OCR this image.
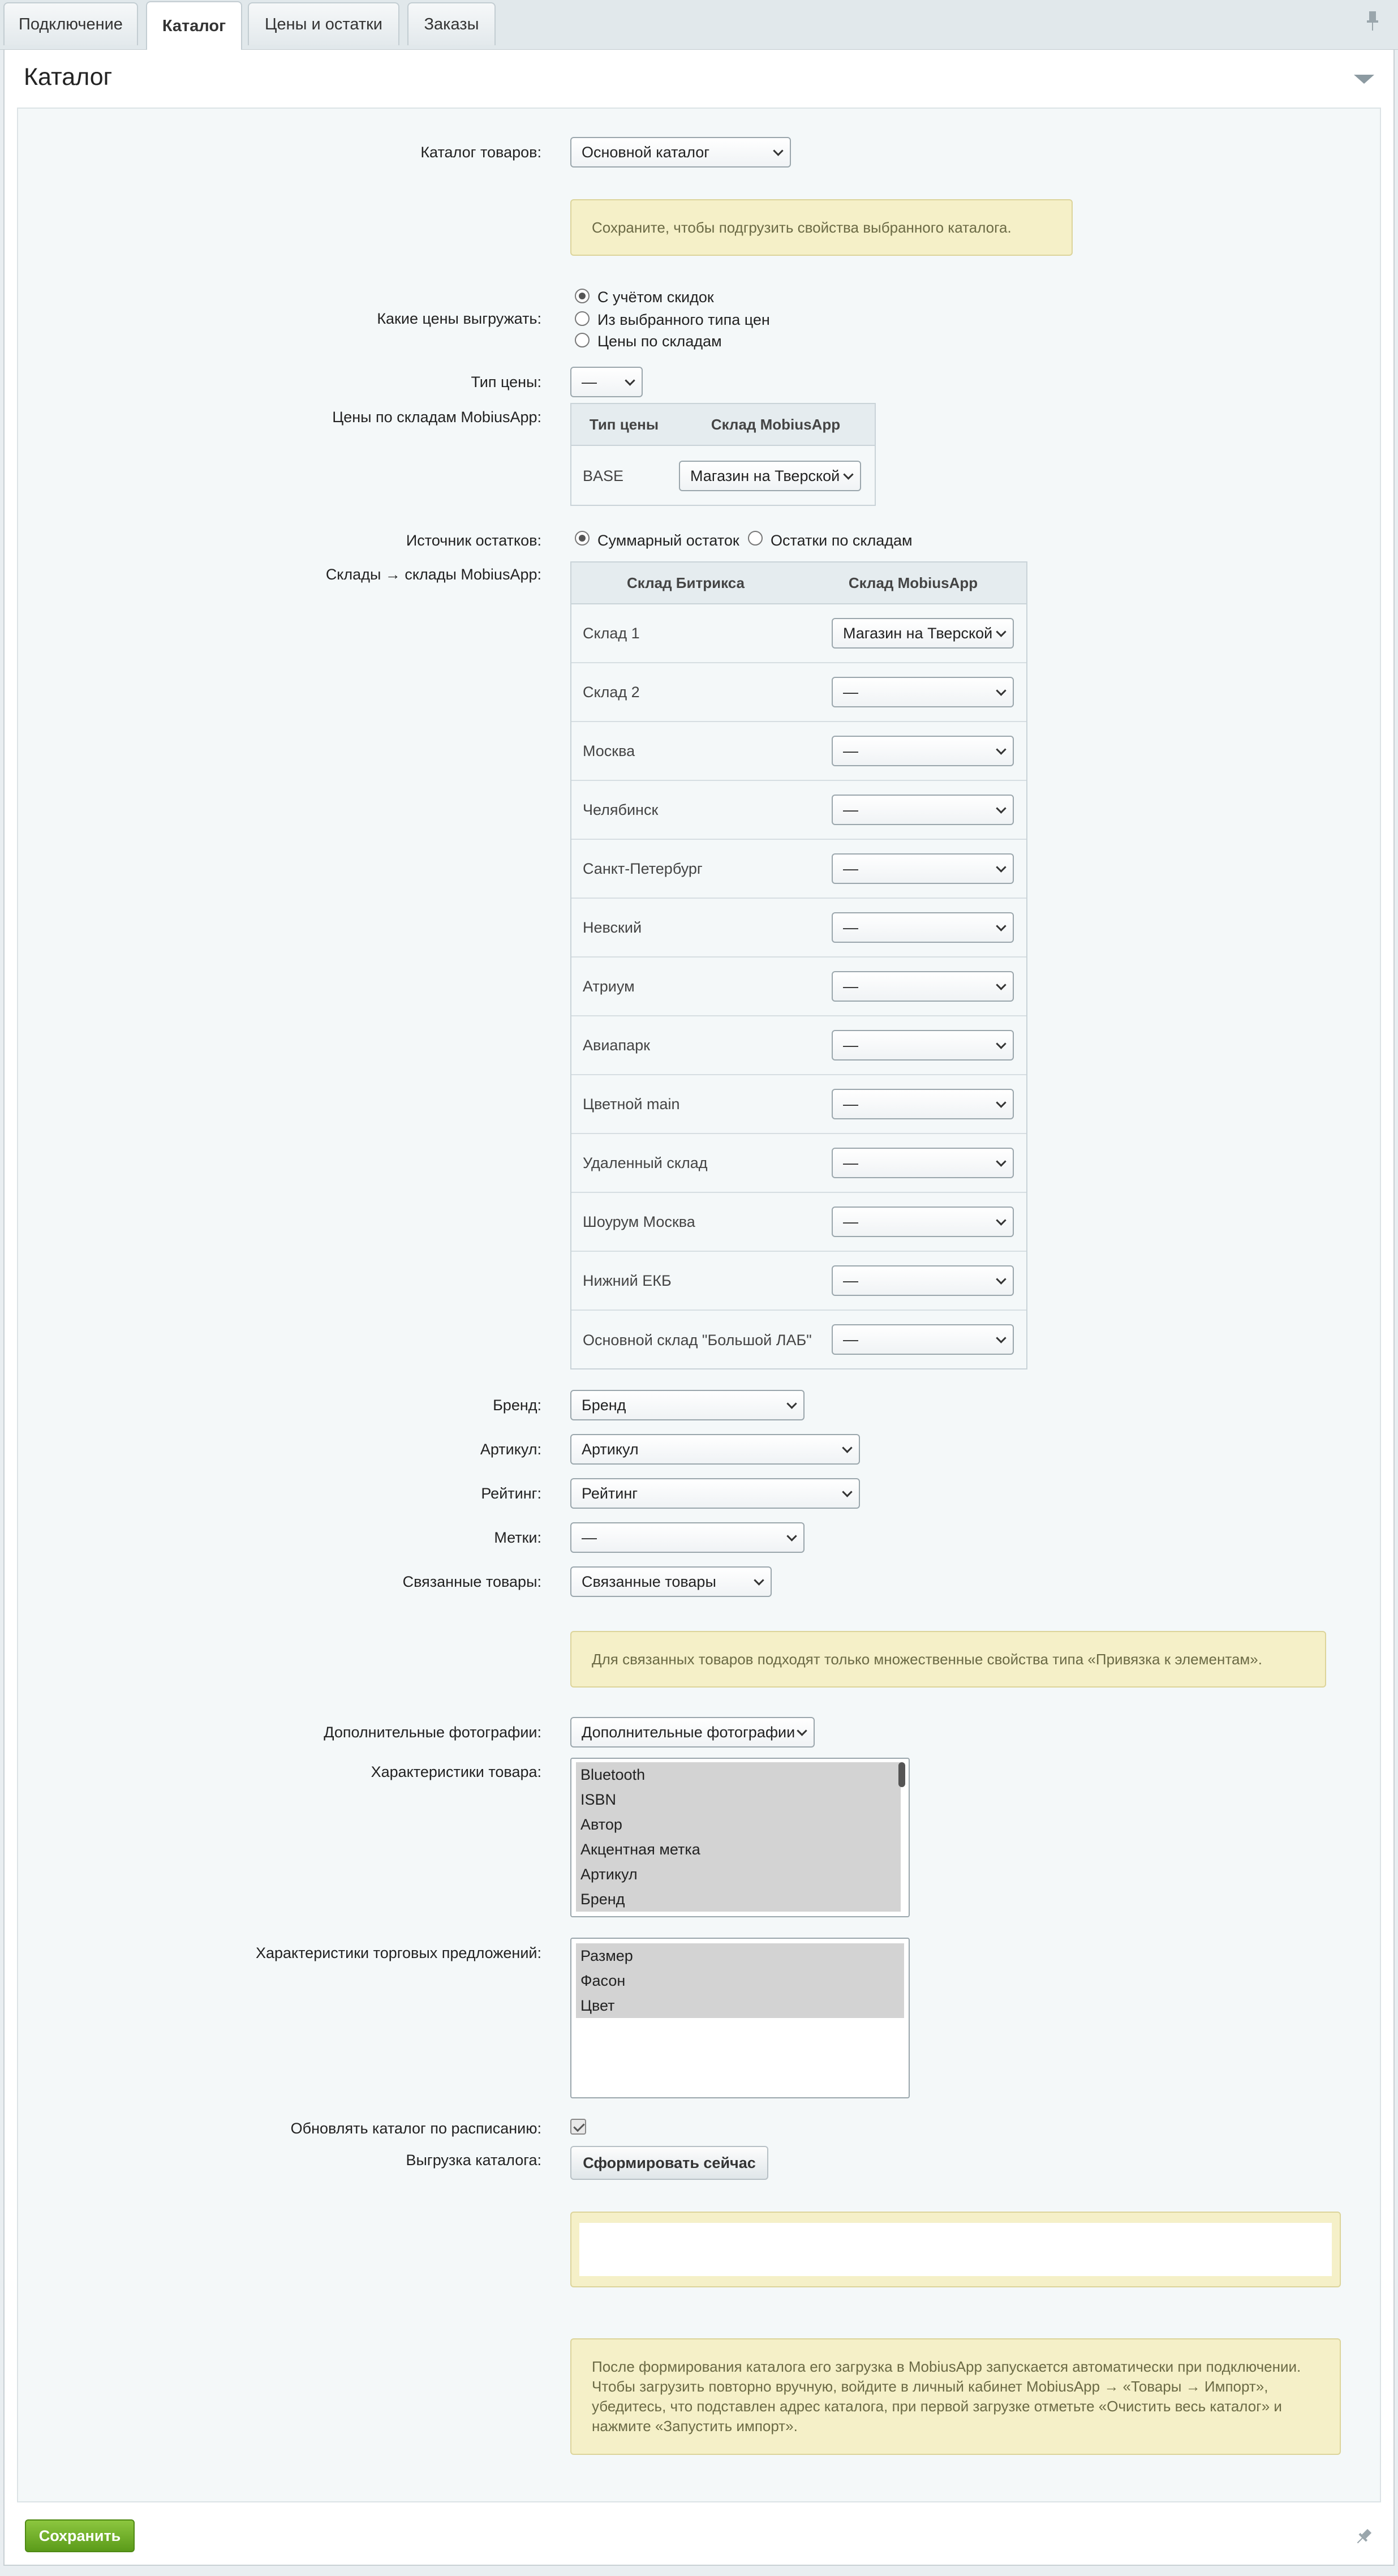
Подключение Каталог Цены и остатки	Заказы
Каталог
Каталог товаров:	Основной каталог
Сохраните, чтобы подгрузить свойства выбранного каталога.
Какие цены выгружать:
С учётом скидок
Из выбранного типа цен
Цены по складам
Тип цены:	—
Цены по складам MobiusApp:	Тип цены	Склад MobiusApp
BASE	Магазин на Тверской
Источник остатков:	Суммарный остаток Остатки по складам
Склады → склады MobiusApp:	Склад Битрикса	Склад MobiusApp
Склад 1	Магазин на Тверской
Склад 2	—
Москва	—
Челябинск	—
Санкт-Петербург	—
Невский	—
Атриум	—
Авиапарк	—
Цветной main	—
Удаленный склад	—
Шоурум Москва	—
Нижний ЕКБ	—
Основной склад "Большой ЛАБ"	—
Бренд:	Бренд
Артикул:	Артикул
Рейтинг:	Рейтинг
Метки:	—
Связанные товары:	Связанные товары
Для связанных товаров подходят только множественные свойства типа «Привязка к элементам».
Дополнительные фотографии:	Дополнительные фотографии
Характеристики товара:	Bluetooth
ISBN
Автор
Акцентная метка
Артикул
Бренд
Характеристики торговых предложений:	Размер
Фасон
Цвет
Обновлять каталог по расписанию:
Выгрузка каталога:	Сформировать сейчас
После формирования каталога его загрузка в MobiusApp запускается автоматически при подключении. Чтобы загрузить повторно вручную, войдите в личный кабинет MobiusApp → «Товары → Импорт», убедитесь, что подставлен адрес каталога, при первой загрузке отметьте «Очистить весь каталог» и нажмите «Запустить импорт».
Сохранить
